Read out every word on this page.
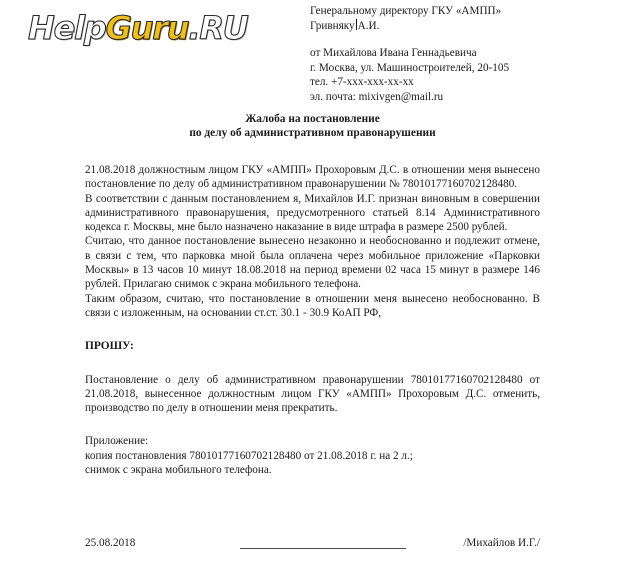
HelpGuru.RU	Генеральному директору ГКУ «АМПП»
Гривняку А.И.
от Михайлова Ивана Геннадьевича
г. Москва, ул. Машиностроителей, 20-105
тел. +7-xxx-xxx-xx-xx
эл. почта: mixivgen@mail.ru
Жалоба на постановление
по делу об административном правонарушении

21.08.2018 должностным лицом ГКУ «АМПП» Прохоровым Д.С. в отношении меня вынесено постановление по делу об административном правонарушении № 78010177160702128480.

В соответствии с данным постановлением я, Михайлов И.Г. признан виновным в совершении административного правонарушения, предусмотренного статьей 8.14 Административного кодекса г. Москвы, мне было назначено наказание в виде штрафа в размере 2500 рублей.

Считаю, что данное постановление вынесено незаконно и необоснованно и подлежит отмене, в связи с тем, что парковка мной была оплачена через мобильное приложение «Парковки Москвы» в 13 часов 10 минут 18.08.2018 на период времени 02 часа 15 минут в размере 146 рублей. Прилагаю снимок с экрана мобильного телефона.

Таким образом, считаю, что постановление в отношении меня вынесено необоснованно. В связи с изложенным, на основании ст.ст. 30.1 - 30.9 КоАП РФ,

ПРОШУ:

Постановление о делу об административном правонарушении 78010177160702128480 от 21.08.2018, вынесенное должностным лицом ГКУ «АМПП» Прохоровым Д.С. отменить, производство по делу в отношении меня прекратить.

Приложение:

копия постановления 78010177160702128480 от 21.08.2018 г. на 2 л.;

снимок с экрана мобильного телефона.

25.08.2018	/Михайлов И.Г./
